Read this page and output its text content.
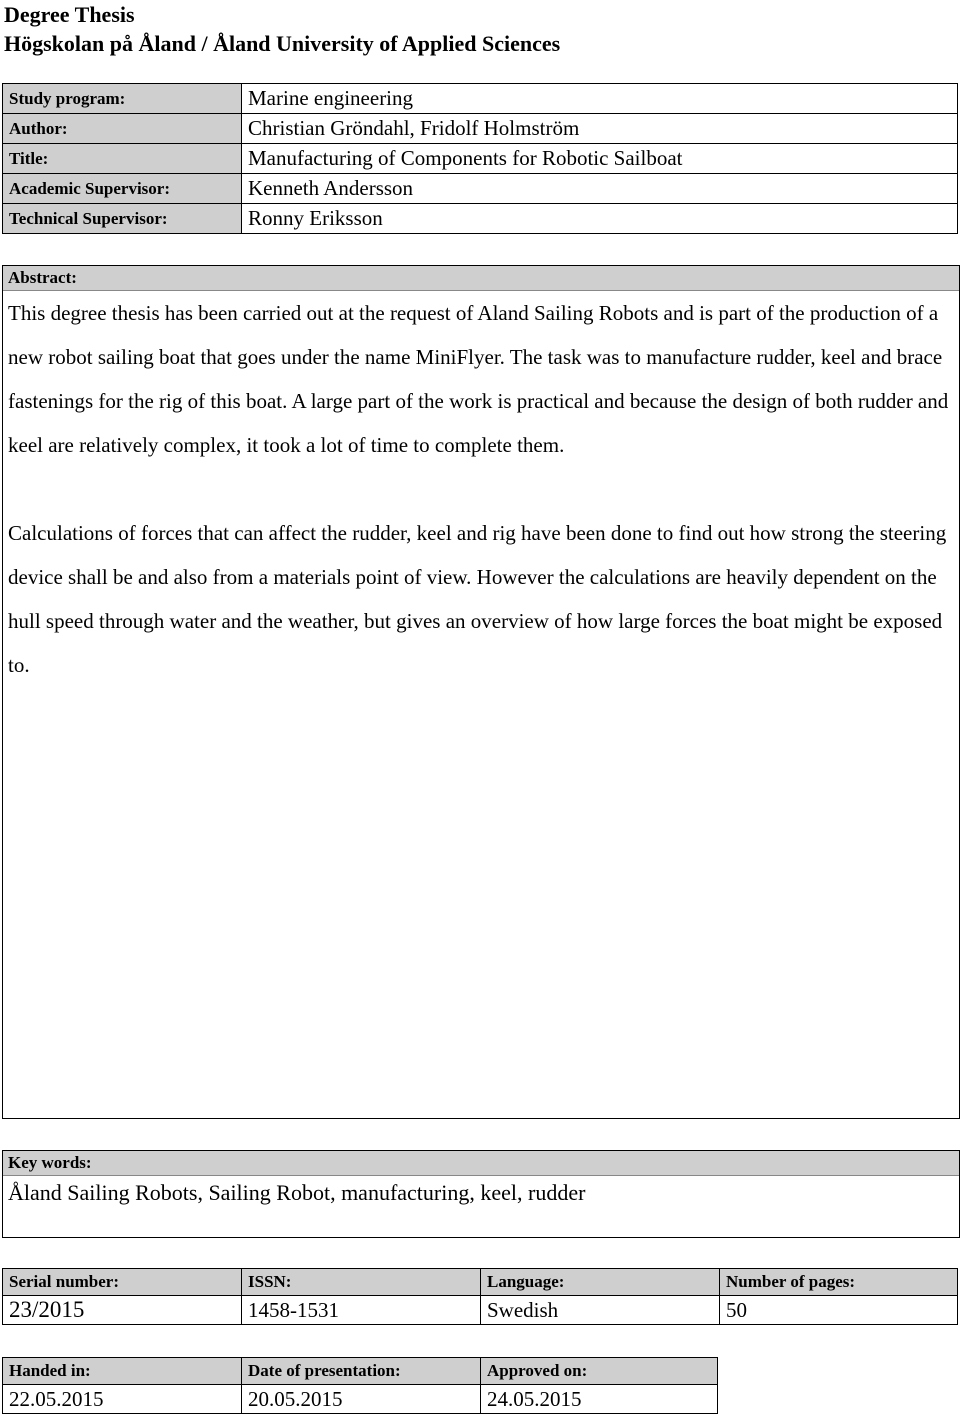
Degree Thesis
Högskolan på Åland / Åland University of Applied Sciences
Study program:	Marine engineering
Author:	Christian Gröndahl, Fridolf Holmström
Title:	Manufacturing of Components for Robotic Sailboat
Academic Supervisor:	Kenneth Andersson
Technical Supervisor:	Ronny Eriksson
Abstract:

This degree thesis has been carried out at the request of Aland Sailing Robots and is part of the production of a new robot sailing boat that goes under the name MiniFlyer. The task was to manufacture rudder, keel and brace fastenings for the rig of this boat. A large part of the work is practical and because the design of both rudder and keel are relatively complex, it took a lot of time to complete them.

Calculations of forces that can affect the rudder, keel and rig have been done to find out how strong the steering device shall be and also from a materials point of view. However the calculations are heavily dependent on the hull speed through water and the weather, but gives an overview of how large forces the boat might be exposed to.

Key words:
Åland Sailing Robots, Sailing Robot, manufacturing, keel, rudder
Serial number:	ISSN:	Language:	Number of pages:
23/2015	1458-1531	Swedish	50
Handed in:	Date of presentation:	Approved on:
22.05.2015	20.05.2015	24.05.2015
